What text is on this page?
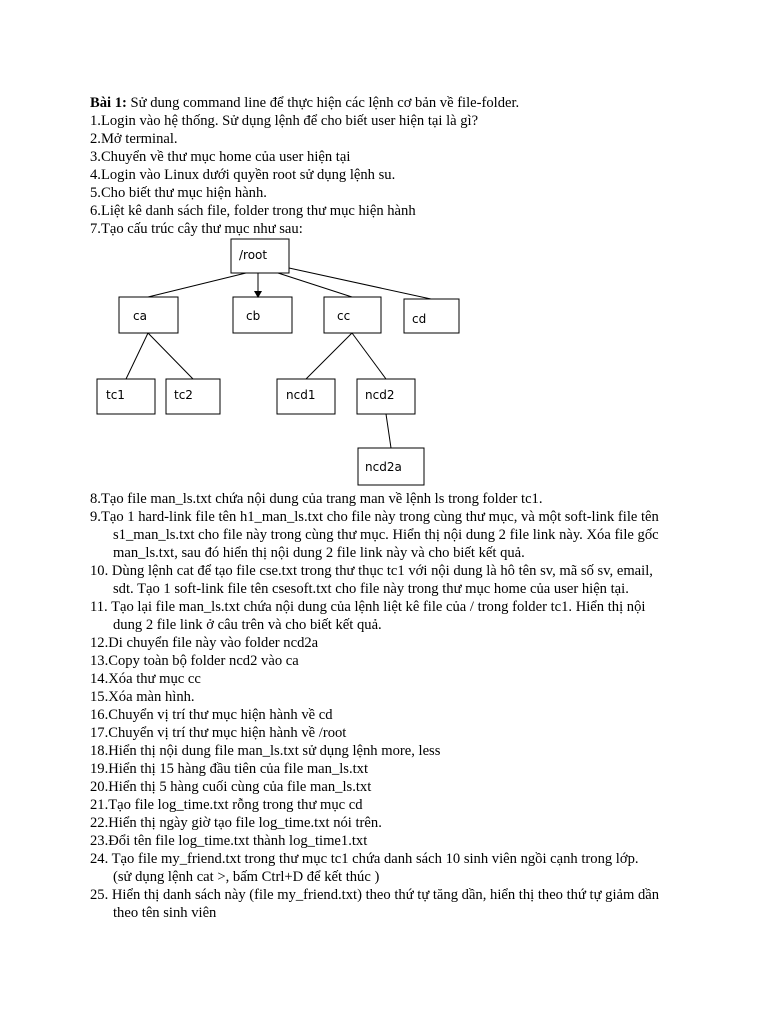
Bài 1: Sử dung command line để thực hiện các lệnh cơ bản về file-folder.
1.Login vào hệ thống. Sử dụng lệnh để cho biết user hiện tại là gì?
2.Mở terminal.
3.Chuyển về thư mục home của user hiện tại
4.Login vào Linux dưới quyền root sử dụng lệnh su.
5.Cho biết thư mục hiện hành.
6.Liệt kê danh sách file, folder trong thư mục hiện hành
7.Tạo cấu trúc cây thư mục như sau:
/root
ca	cb	cc	cd
tc1	tc2	ncd1	ncd2
ncd2a
8.Tạo file man_ls.txt chứa nội dung của trang man về lệnh ls trong folder tc1.
9.Tạo 1 hard-link file tên h1_man_ls.txt cho file này trong cùng thư mục, và một soft-link file tên
s1_man_ls.txt cho file này trong cùng thư mục. Hiển thị nội dung 2 file link này. Xóa file gốc
man_ls.txt, sau đó hiển thị nội dung 2 file link này và cho biết kết quả.
10. Dùng lệnh cat để tạo file cse.txt trong thư thục tc1 với nội dung là hô tên sv, mã số sv, email,
sdt. Tạo 1 soft-link file tên csesoft.txt cho file này trong thư mục home của user hiện tại.
11. Tạo lại file man_ls.txt chứa nội dung của lệnh liệt kê file của / trong folder tc1. Hiển thị nội
dung 2 file link ở câu trên và cho biết kết quả.
12.Di chuyển file này vào folder ncd2a
13.Copy toàn bộ folder ncd2 vào ca
14.Xóa thư mục cc
15.Xóa màn hình.
16.Chuyển vị trí thư mục hiện hành về cd
17.Chuyển vị trí thư mục hiện hành về /root
18.Hiển thị nội dung file man_ls.txt sử dụng lệnh more, less
19.Hiển thị 15 hàng đầu tiên của file man_ls.txt
20.Hiển thị 5 hàng cuối cùng của file man_ls.txt
21.Tạo file log_time.txt rỗng trong thư mục cd
22.Hiển thị ngày giờ tạo file log_time.txt nói trên.
23.Đổi tên file log_time.txt thành log_time1.txt
24. Tạo file my_friend.txt trong thư mục tc1 chứa danh sách 10 sinh viên ngồi cạnh trong lớp.
(sử dụng lệnh cat >, bấm Ctrl+D để kết thúc )
25. Hiển thị danh sách này (file my_friend.txt) theo thứ tự tăng dần, hiển thị theo thứ tự giảm dần
theo tên sinh viên
